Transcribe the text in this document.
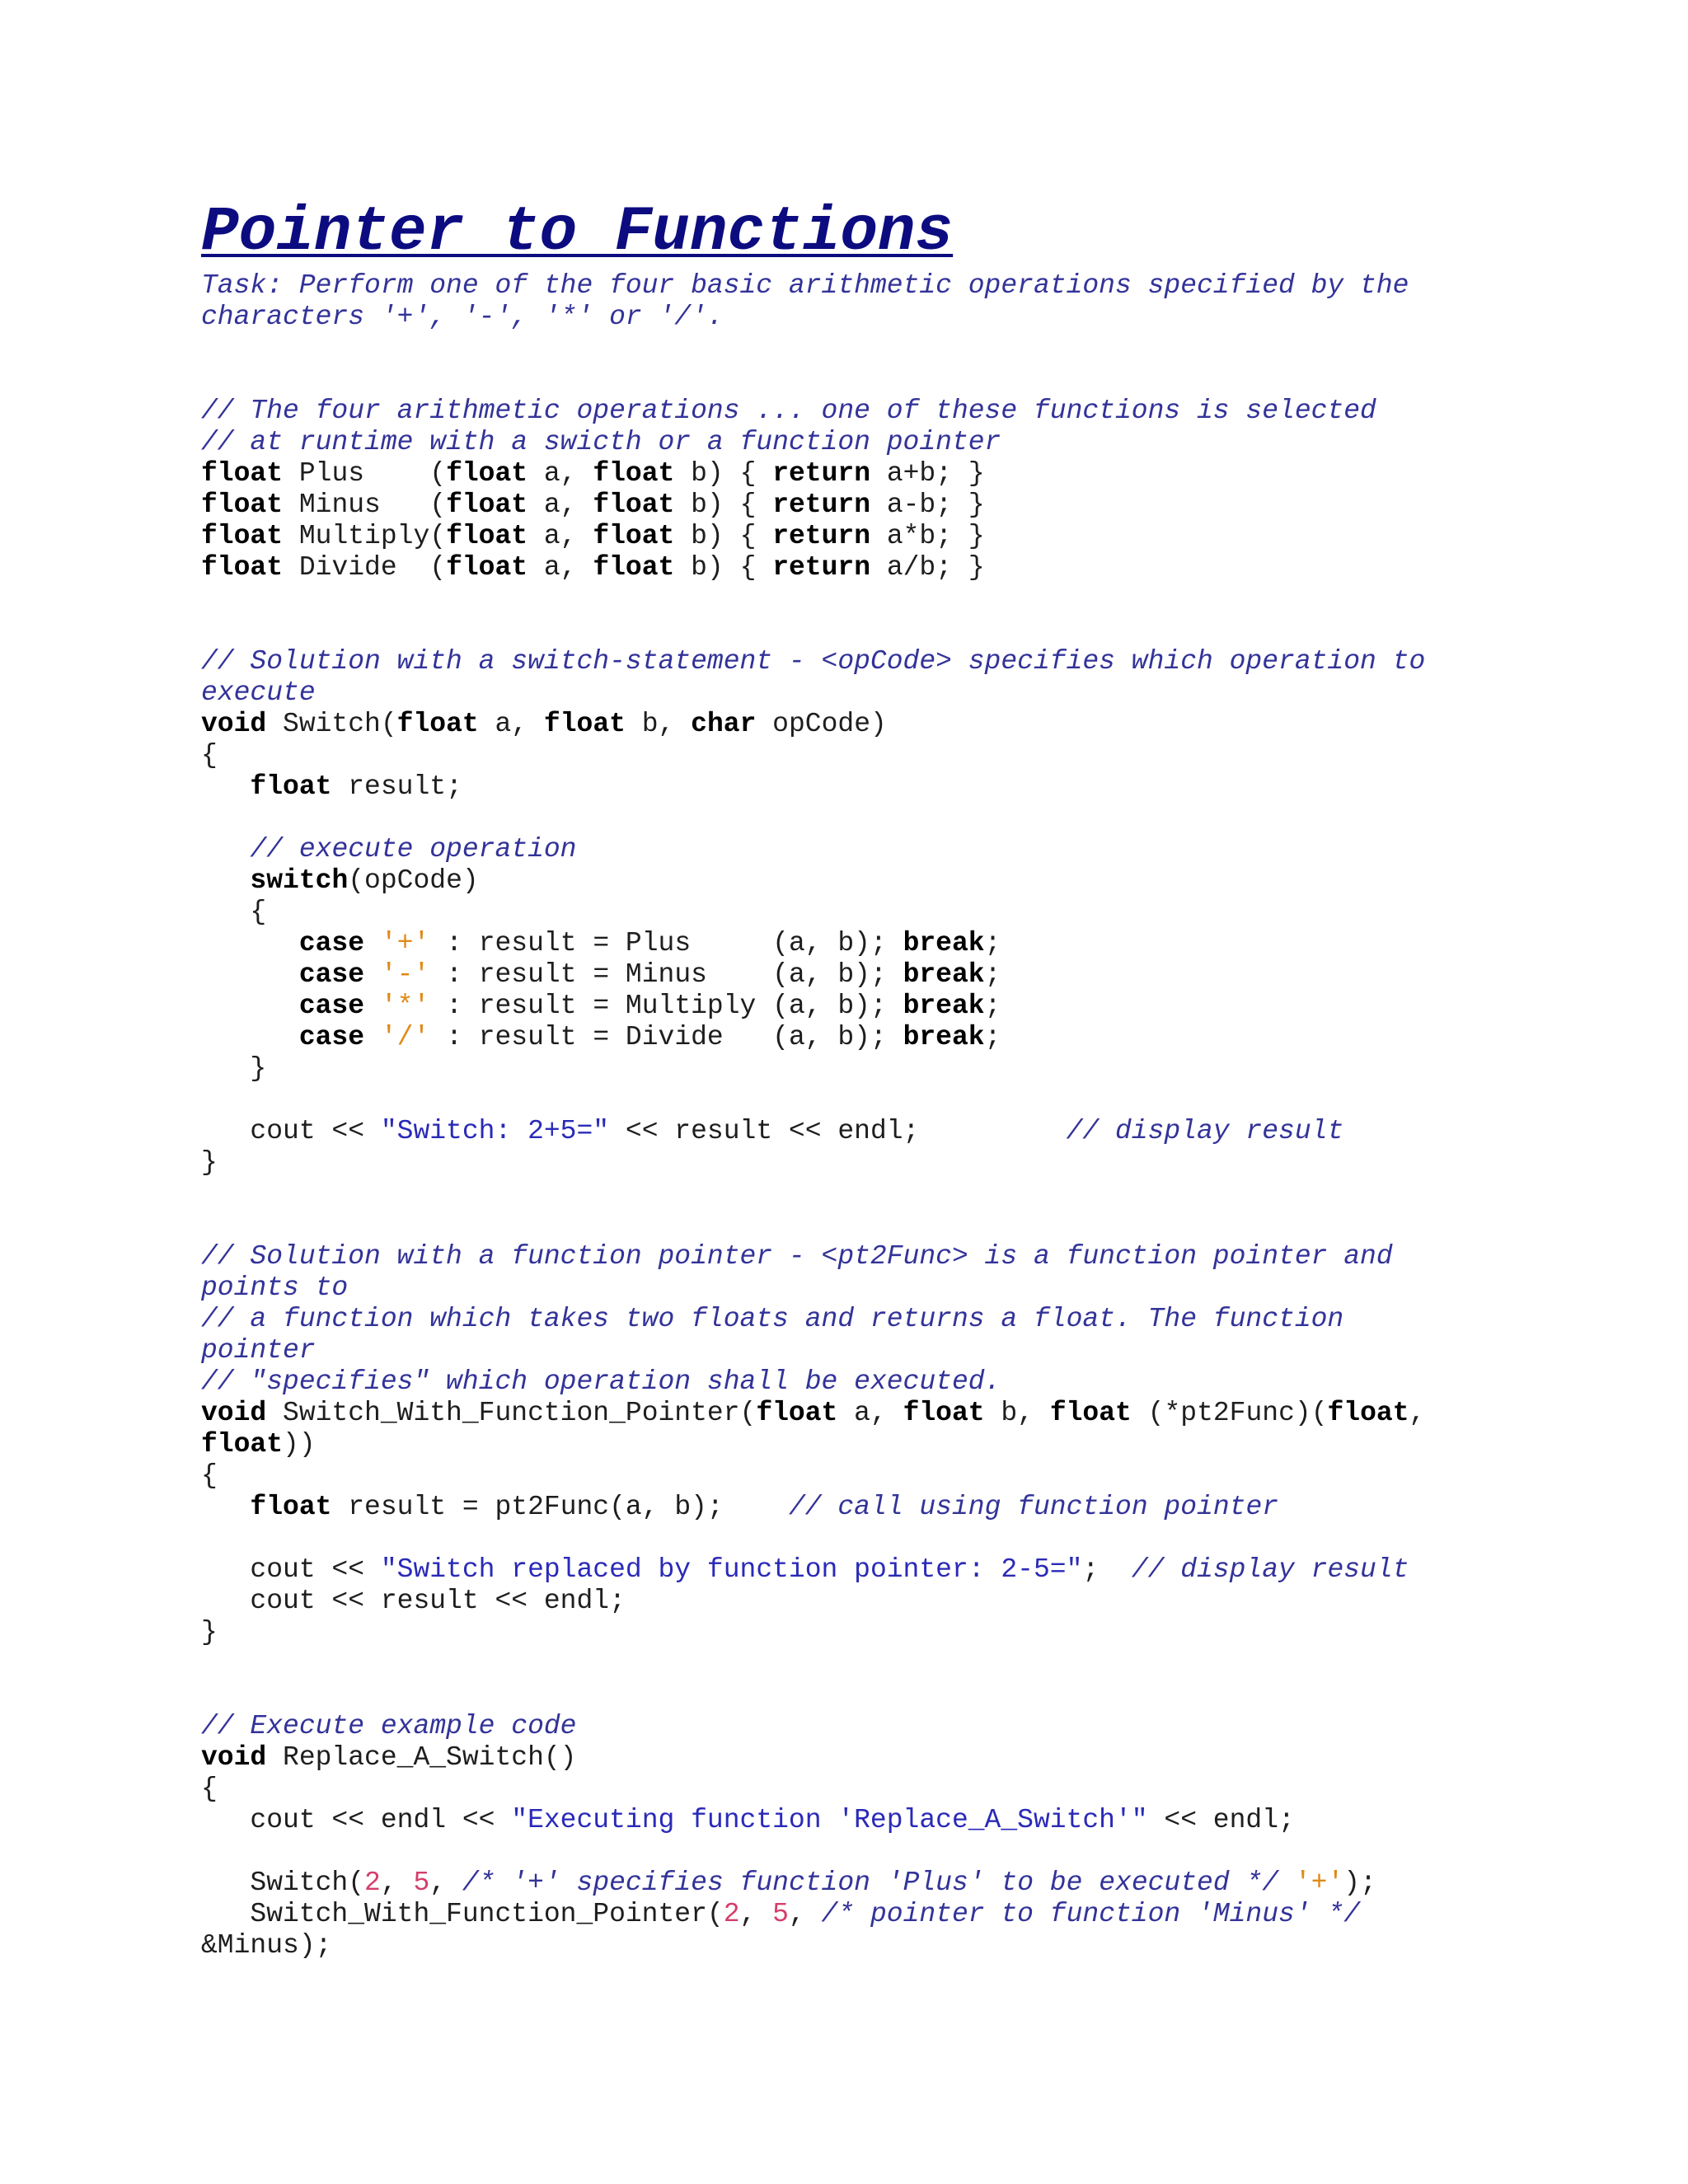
Pointer to Functions
Task: Perform one of the four basic arithmetic operations specified by the
characters '+', '-', '*' or '/'.
// The four arithmetic operations ... one of these functions is selected
// at runtime with a swicth or a function pointer
float Plus    (float a, float b) { return a+b; }
float Minus   (float a, float b) { return a-b; }
float Multiply(float a, float b) { return a*b; }
float Divide  (float a, float b) { return a/b; }
// Solution with a switch-statement - <opCode> specifies which operation to
execute
void Switch(float a, float b, char opCode)
{
float result;
// execute operation
switch(opCode)
{
case '+' : result = Plus     (a, b); break;
case '-' : result = Minus    (a, b); break;
case '*' : result = Multiply (a, b); break;
case '/' : result = Divide   (a, b); break;
}
cout << "Switch: 2+5=" << result << endl;         // display result
}
// Solution with a function pointer - <pt2Func> is a function pointer and
points to
// a function which takes two floats and returns a float. The function
pointer
// "specifies" which operation shall be executed.
void Switch_With_Function_Pointer(float a, float b, float (*pt2Func)(float,
float))
{
float result = pt2Func(a, b);    // call using function pointer
cout << "Switch replaced by function pointer: 2-5=";  // display result
cout << result << endl;
}
// Execute example code
void Replace_A_Switch()
{
cout << endl << "Executing function 'Replace_A_Switch'" << endl;
Switch(2, 5, /* '+' specifies function 'Plus' to be executed */ '+');
Switch_With_Function_Pointer(2, 5, /* pointer to function 'Minus' */
&Minus);
